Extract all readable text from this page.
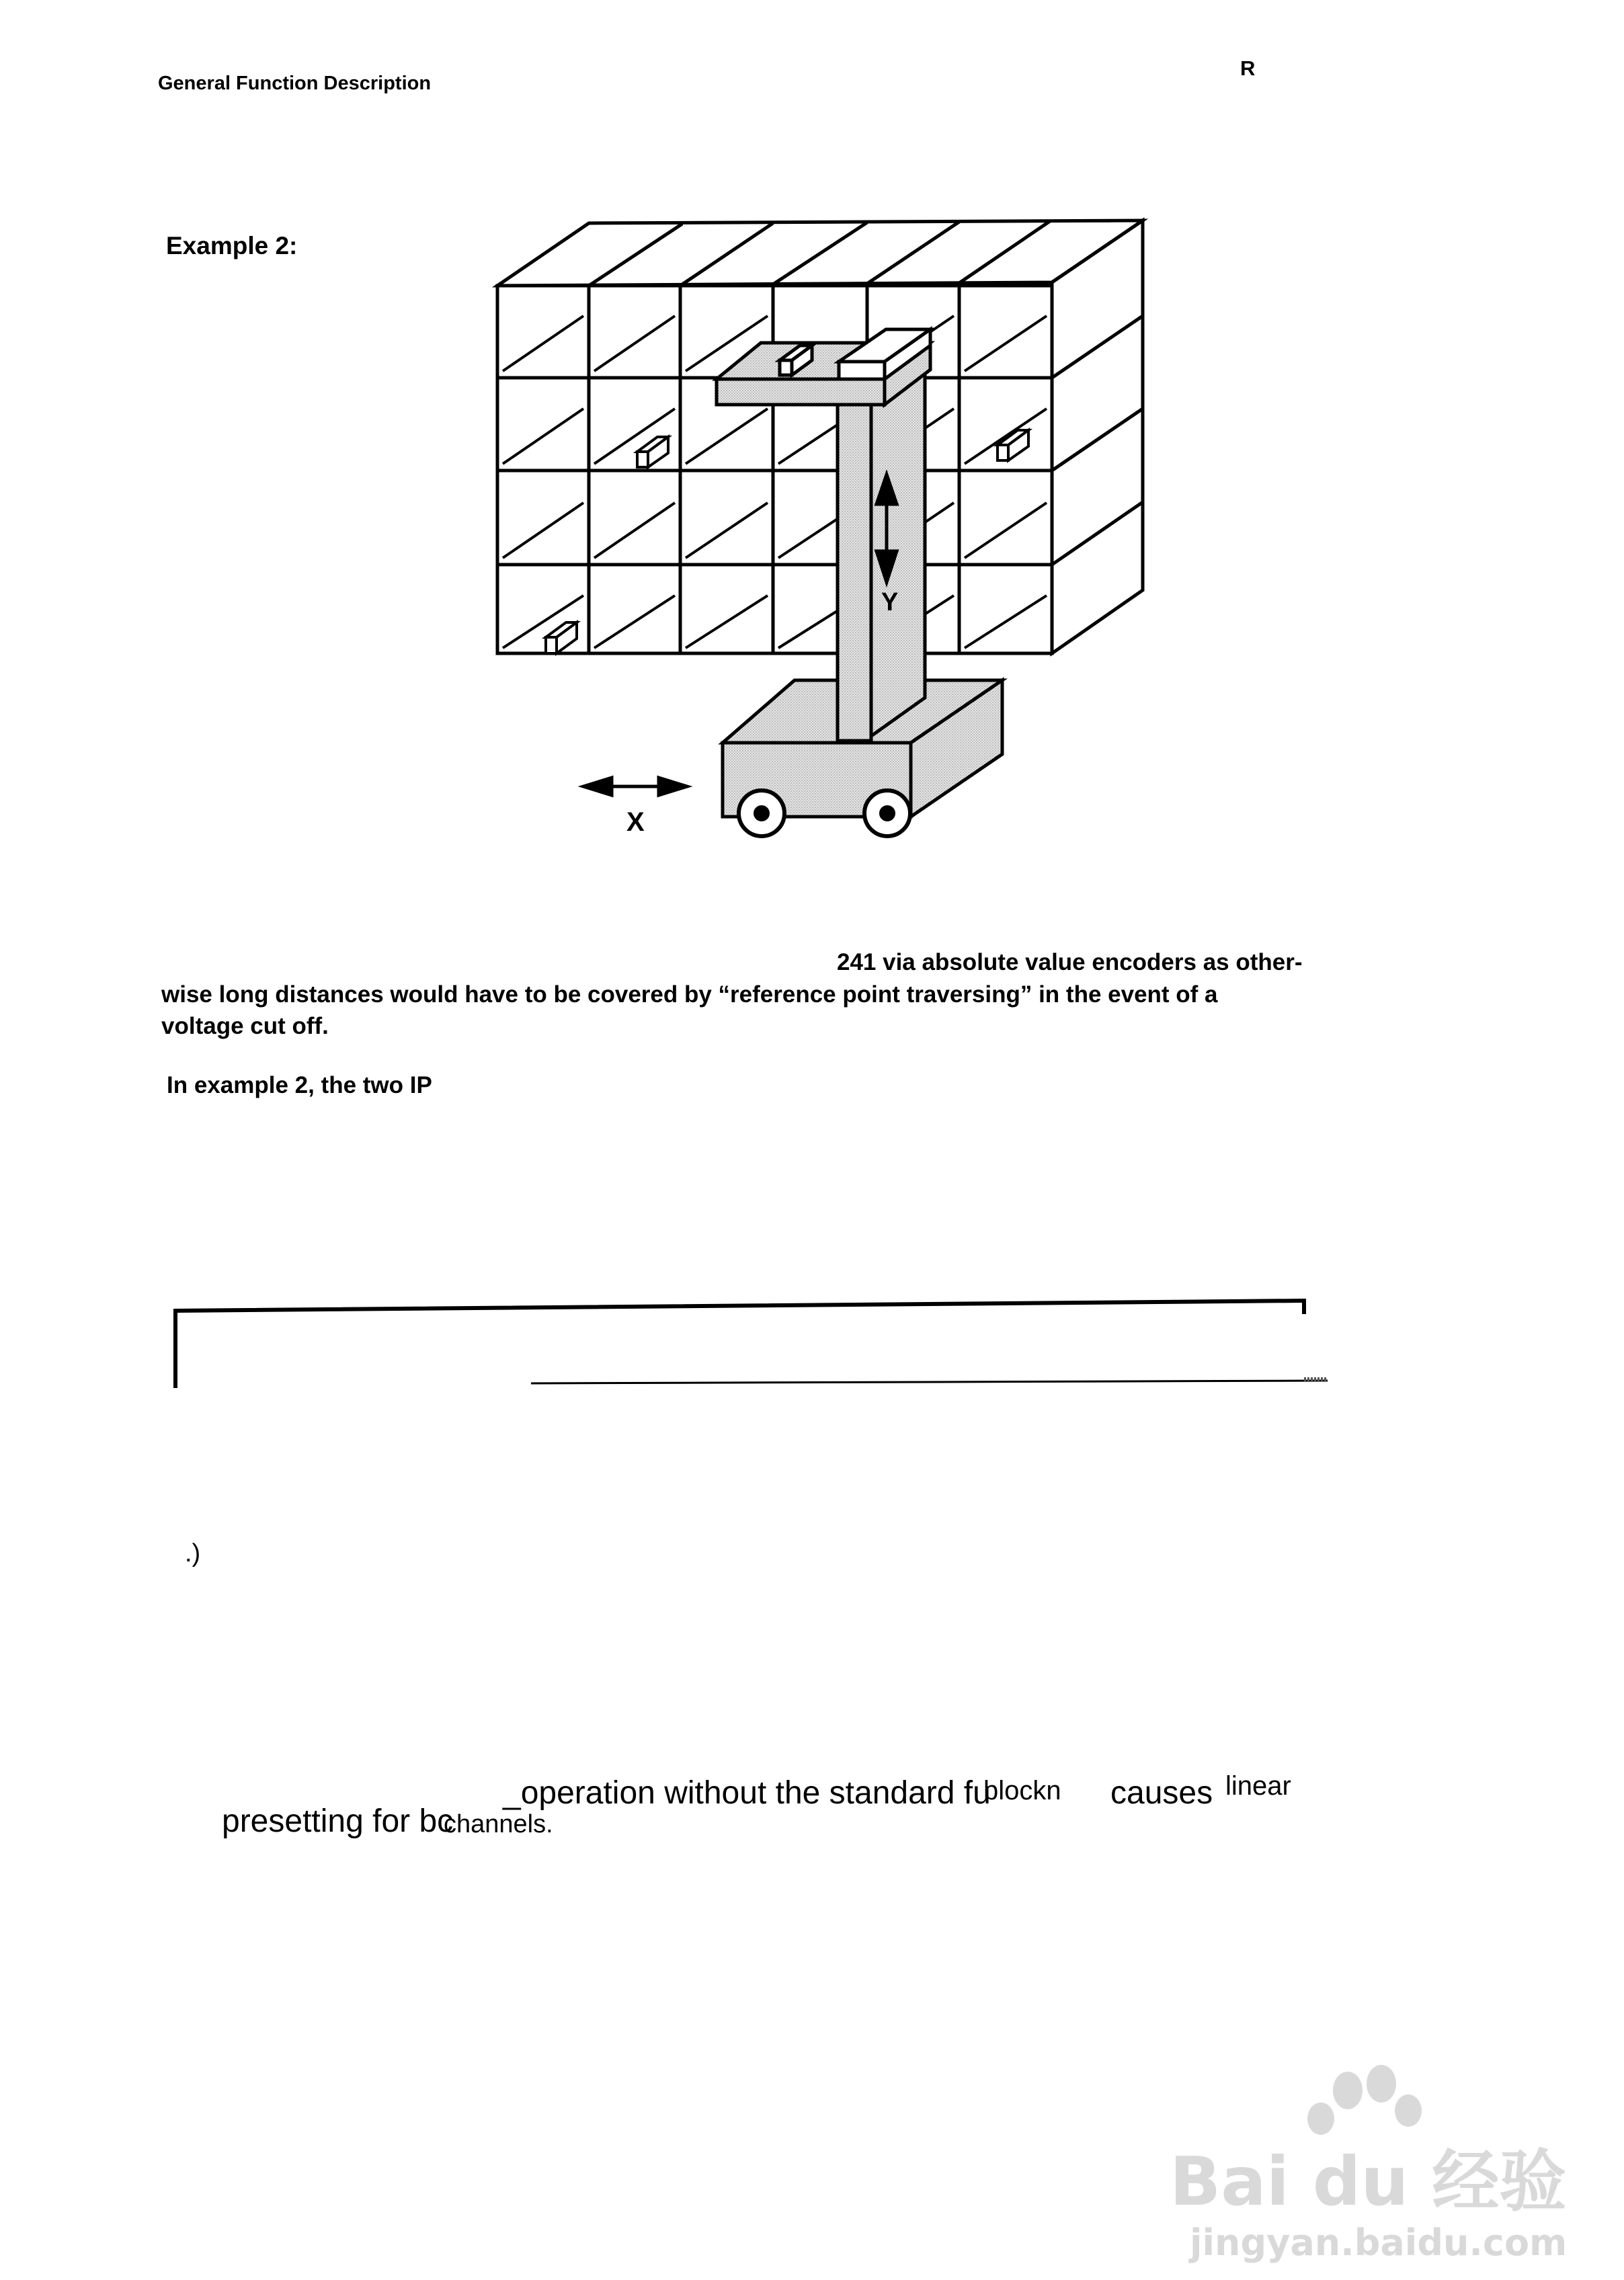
General Function Description
R
Example 2:
Y
X
241 via absolute value encoders as other-
wise long distances would have to be covered by “reference point traversing” in the event of a
voltage cut off.
In example 2, the two IP
.)
_operation without the standard fu
blockn causes linear
presetting for bc
channels.
Bai du 经验
jingyan.baidu.com
